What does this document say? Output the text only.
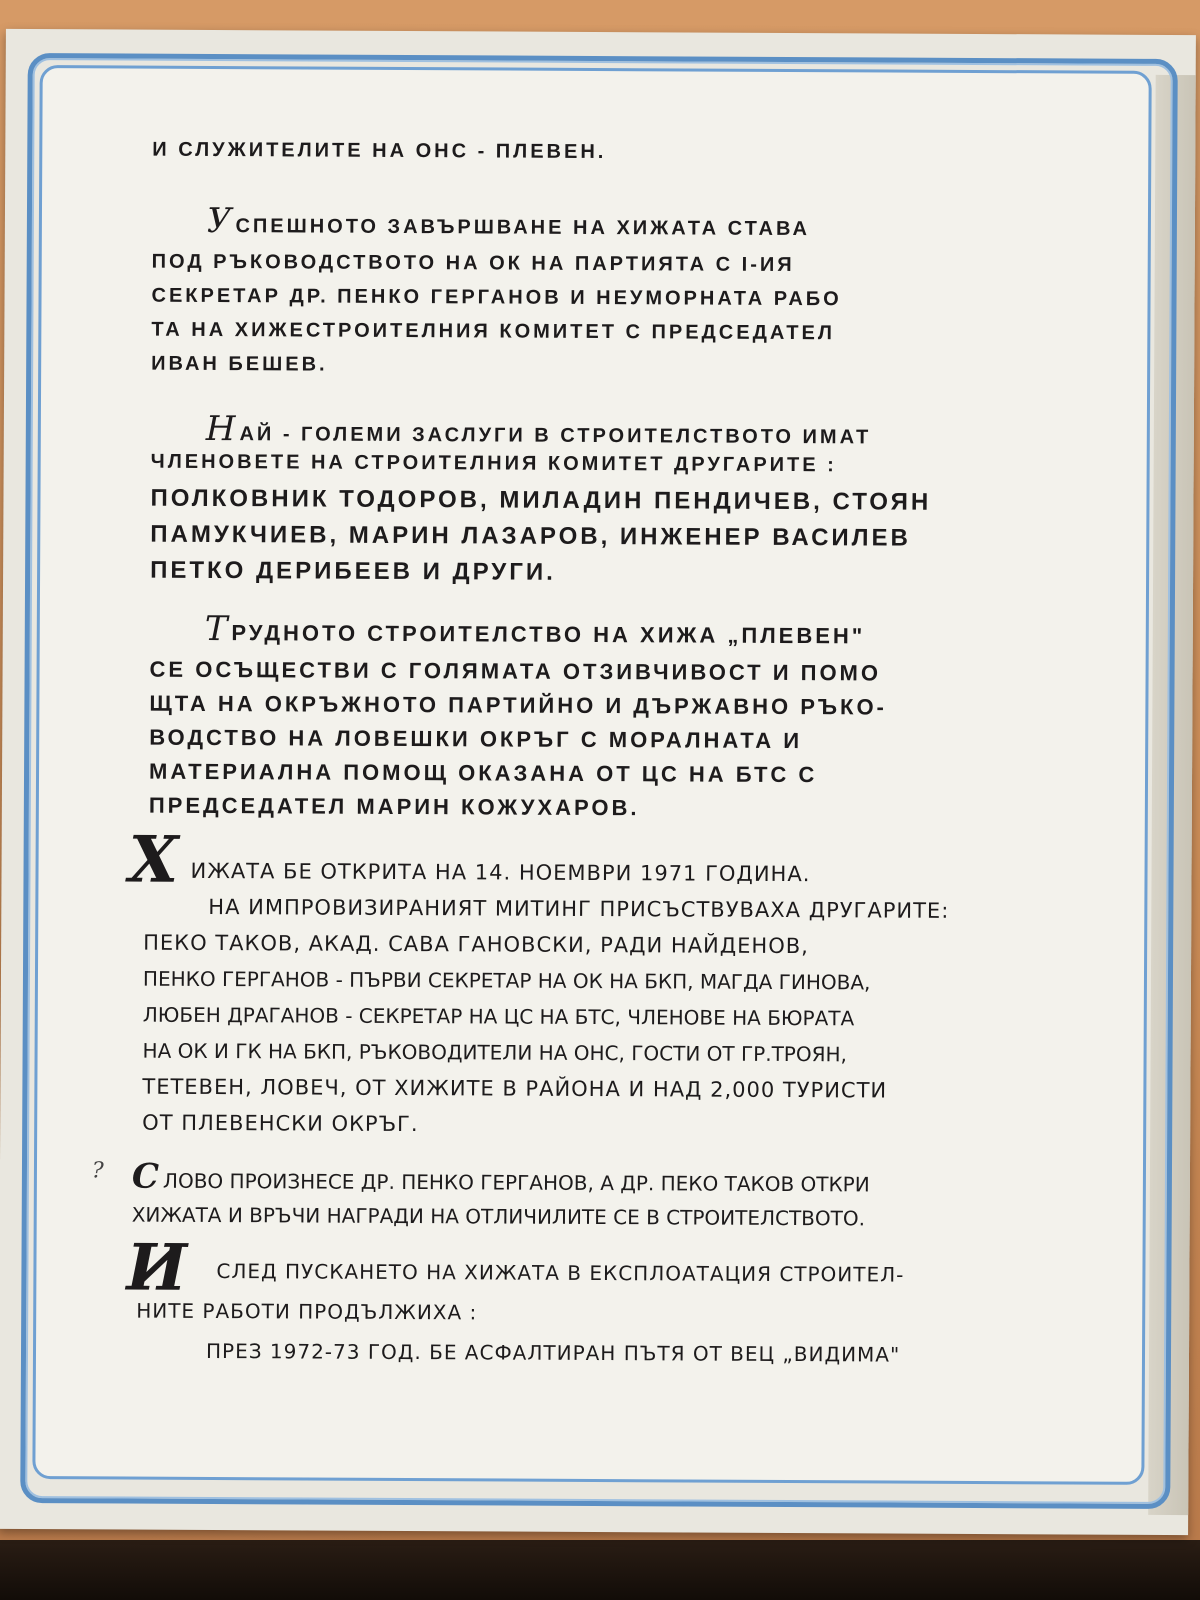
И СЛУЖИТЕЛИТЕ НА ОНС - ПЛЕВЕН.
УСПЕШНОТО ЗАВЪРШВАНЕ НА ХИЖАТА СТАВА
ПОД РЪКОВОДСТВОТО НА ОК НА ПАРТИЯТА С I-ИЯ
СЕКРЕТАР ДР. ПЕНКО ГЕРГАНОВ И НЕУМОРНАТА РАБО
ТА НА ХИЖЕСТРОИТЕЛНИЯ КОМИТЕТ С ПРЕДСЕДАТЕЛ
ИВАН БЕШЕВ.
НАЙ - ГОЛЕМИ ЗАСЛУГИ В СТРОИТЕЛСТВОТО ИМАТ
ЧЛЕНОВЕТЕ НА СТРОИТЕЛНИЯ КОМИТЕТ ДРУГАРИТЕ :
ПОЛКОВНИК ТОДОРОВ, МИЛАДИН ПЕНДИЧЕВ, СТОЯН
ПАМУКЧИЕВ, МАРИН ЛАЗАРОВ, ИНЖЕНЕР ВАСИЛЕВ
ПЕТКО ДЕРИБЕЕВ И ДРУГИ.
ТРУДНОТО СТРОИТЕЛСТВО НА ХИЖА „ПЛЕВЕН"
СЕ ОСЪЩЕСТВИ С ГОЛЯМАТА ОТЗИВЧИВОСТ И ПОМО
ЩТА НА ОКРЪЖНОТО ПАРТИЙНО И ДЪРЖАВНО РЪКО-
ВОДСТВО НА ЛОВЕШКИ ОКРЪГ С МОРАЛНАТА И
МАТЕРИАЛНА ПОМОЩ ОКАЗАНА ОТ ЦС НА БТС С
ПРЕДСЕДАТЕЛ МАРИН КОЖУХАРОВ.
Х ИЖАТА БЕ ОТКРИТА НА 14. НОЕМВРИ 1971 ГОДИНА.
НА ИМПРОВИЗИРАНИЯТ МИТИНГ ПРИСЪСТВУВАХА ДРУГАРИТЕ:
ПЕКО ТАКОВ, АКАД. САВА ГАНОВСКИ, РАДИ НАЙДЕНОВ,
ПЕНКО ГЕРГАНОВ - ПЪРВИ СЕКРЕТАР НА ОК НА БКП, МАГДА ГИНОВА,
ЛЮБЕН ДРАГАНОВ - СЕКРЕТАР НА ЦС НА БТС, ЧЛЕНОВЕ НА БЮРАТА
НА ОК И ГК НА БКП, РЪКОВОДИТЕЛИ НА ОНС, ГОСТИ ОТ ГР.ТРОЯН,
ТЕТЕВЕН, ЛОВЕЧ, ОТ ХИЖИТЕ В РАЙОНА И НАД 2,000 ТУРИСТИ
ОТ ПЛЕВЕНСКИ ОКРЪГ.
? СЛОВО ПРОИЗНЕСЕ ДР. ПЕНКО ГЕРГАНОВ, А ДР. ПЕКО ТАКОВ ОТКРИ
ХИЖАТА И ВРЪЧИ НАГРАДИ НА ОТЛИЧИЛИТЕ СЕ В СТРОИТЕЛСТВОТО.
И СЛЕД ПУСКАНЕТО НА ХИЖАТА В ЕКСПЛОАТАЦИЯ СТРОИТЕЛ-
НИТЕ РАБОТИ ПРОДЪЛЖИХА :
ПРЕЗ 1972-73 ГОД. БЕ АСФАЛТИРАН ПЪТЯ ОТ ВЕЦ „ВИДИМА"
